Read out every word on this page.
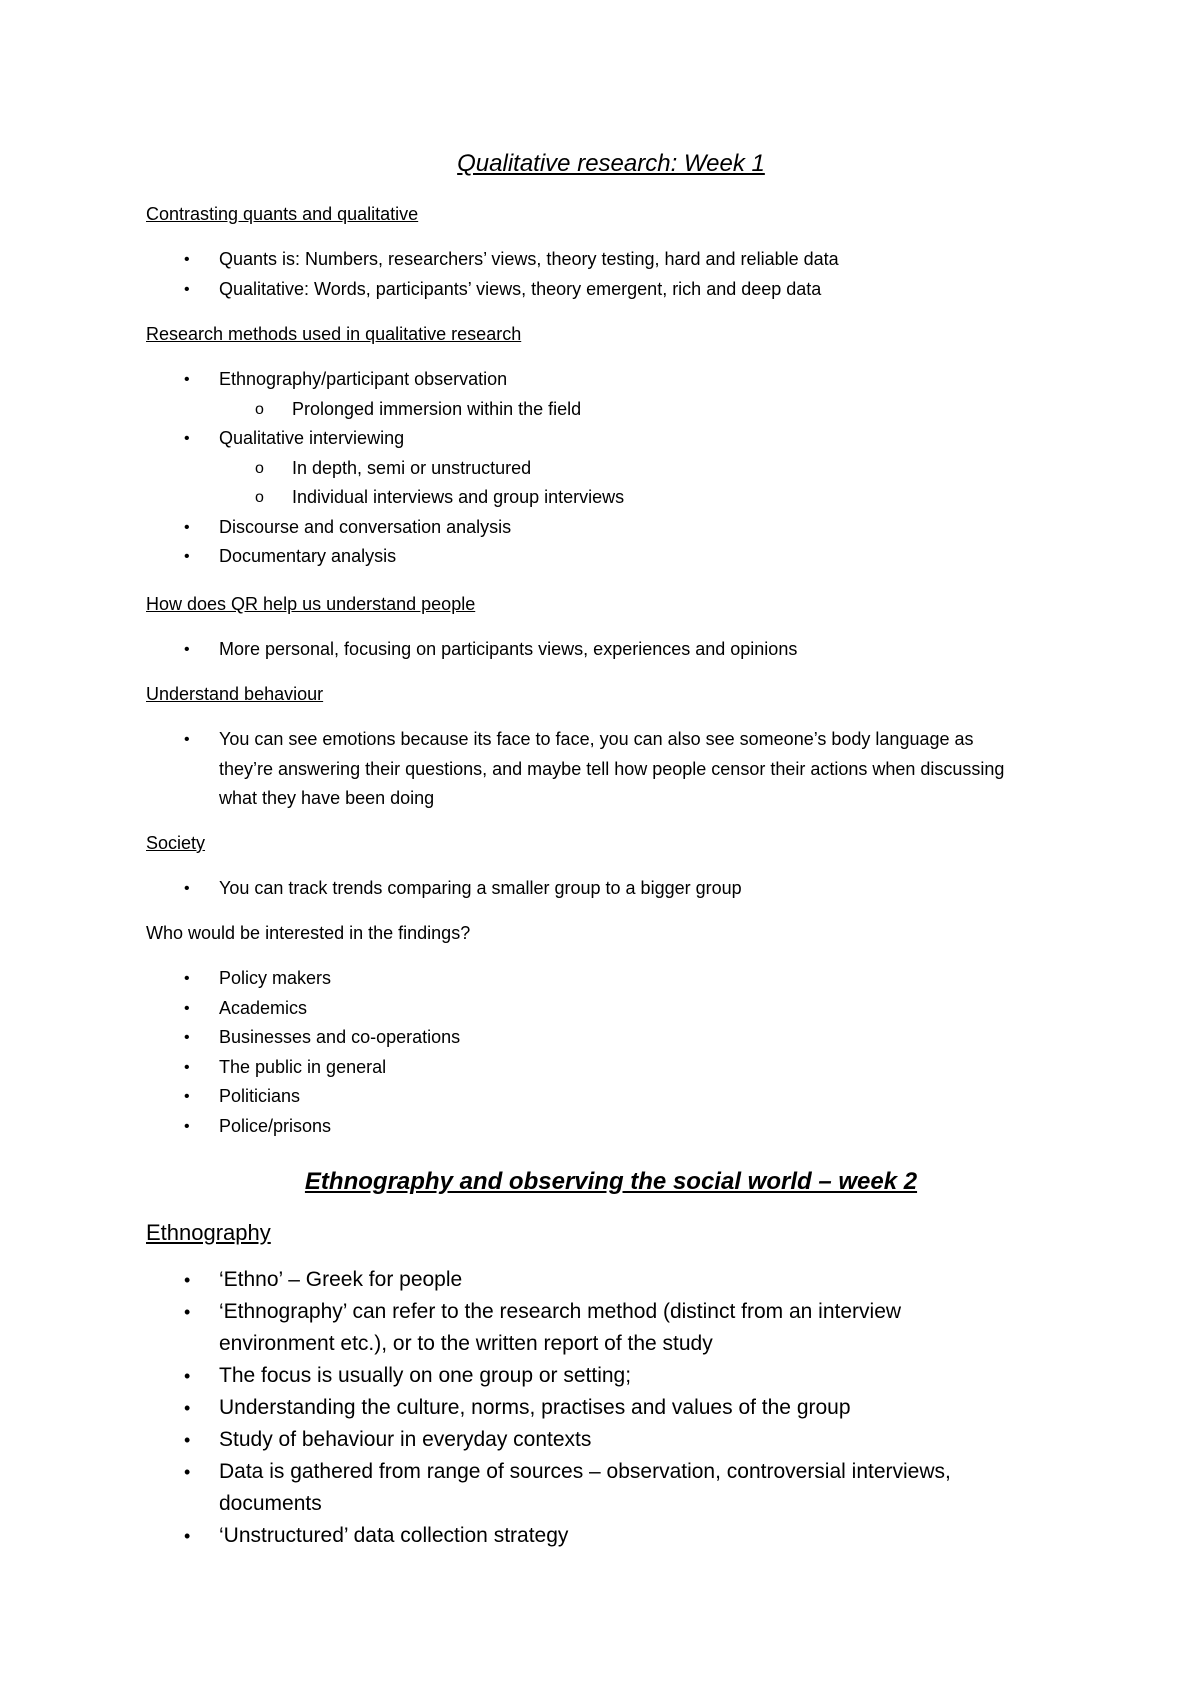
Qualitative research: Week 1

Contrasting quants and qualitative

• Quants is: Numbers, researchers’ views, theory testing, hard and reliable data
• Qualitative: Words, participants’ views, theory emergent, rich and deep data

Research methods used in qualitative research

• Ethnography/participant observation
o Prolonged immersion within the field
• Qualitative interviewing
o In depth, semi or unstructured
o Individual interviews and group interviews
• Discourse and conversation analysis
• Documentary analysis

How does QR help us understand people

• More personal, focusing on participants views, experiences and opinions

Understand behaviour

• You can see emotions because its face to face, you can also see someone’s body language as they’re answering their questions, and maybe tell how people censor their actions when discussing what they have been doing

Society

• You can track trends comparing a smaller group to a bigger group

Who would be interested in the findings?

• Policy makers
• Academics
• Businesses and co-operations
• The public in general
• Politicians
• Police/prisons
Ethnography and observing the social world – week 2

Ethnography

• ‘Ethno’ – Greek for people
• ‘Ethnography’ can refer to the research method (distinct from an interview environment etc.), or to the written report of the study
• The focus is usually on one group or setting;
• Understanding the culture, norms, practises and values of the group
• Study of behaviour in everyday contexts
• Data is gathered from range of sources – observation, controversial interviews, documents
• ‘Unstructured’ data collection strategy
